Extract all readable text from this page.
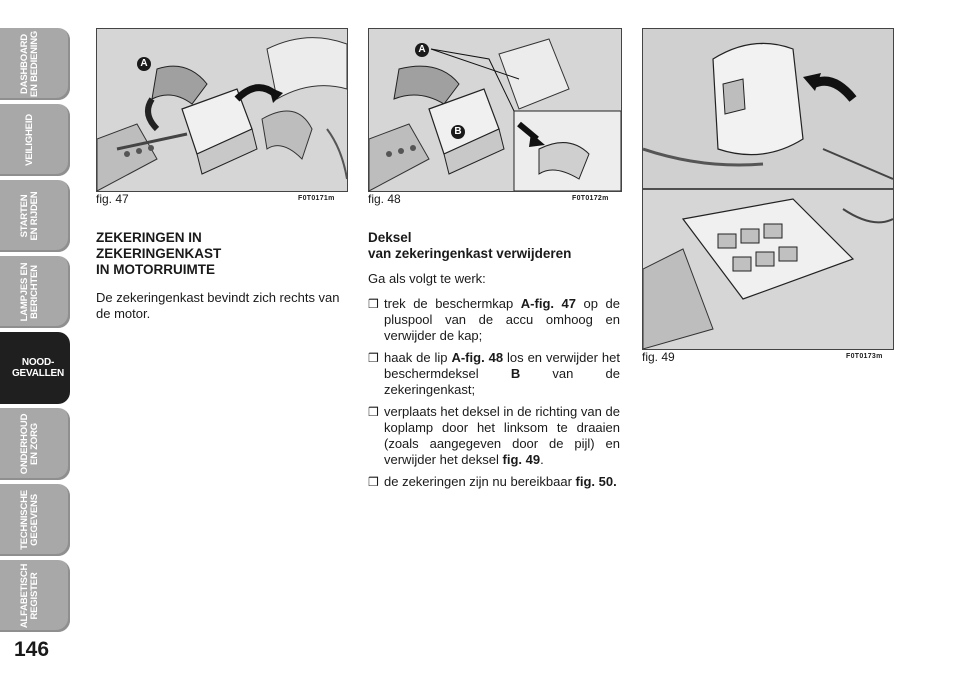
DASHBOARD
EN BEDIENING
VEILIGHEID
STARTEN
EN RIJDEN
LAMPJES EN
BERICHTEN
NOOD-
GEVALLEN
ONDERHOUD
EN ZORG
TECHNISCHE
GEGEVENS
ALFABETISCH
REGISTER
146
A
fig. 47	F0T0171m
A
B
fig. 48	F0T0172m
fig. 49	F0T0173m
ZEKERINGEN IN
ZEKERINGENKAST
IN MOTORRUIMTE
De zekeringenkast bevindt zich rechts van de motor.
Deksel
van zekeringenkast verwijderen
Ga als volgt te werk:
❒ trek de beschermkap A-fig. 47 op de pluspool van de accu omhoog en verwijder de kap;
❒ haak de lip A-fig. 48 los en verwijder het beschermdeksel B van de zekeringenkast;
❒ verplaats het deksel in de richting van de koplamp door het linksom te draaien (zoals aangegeven door de pijl) en verwijder het deksel fig. 49.
❒ de zekeringen zijn nu bereikbaar fig. 50.
